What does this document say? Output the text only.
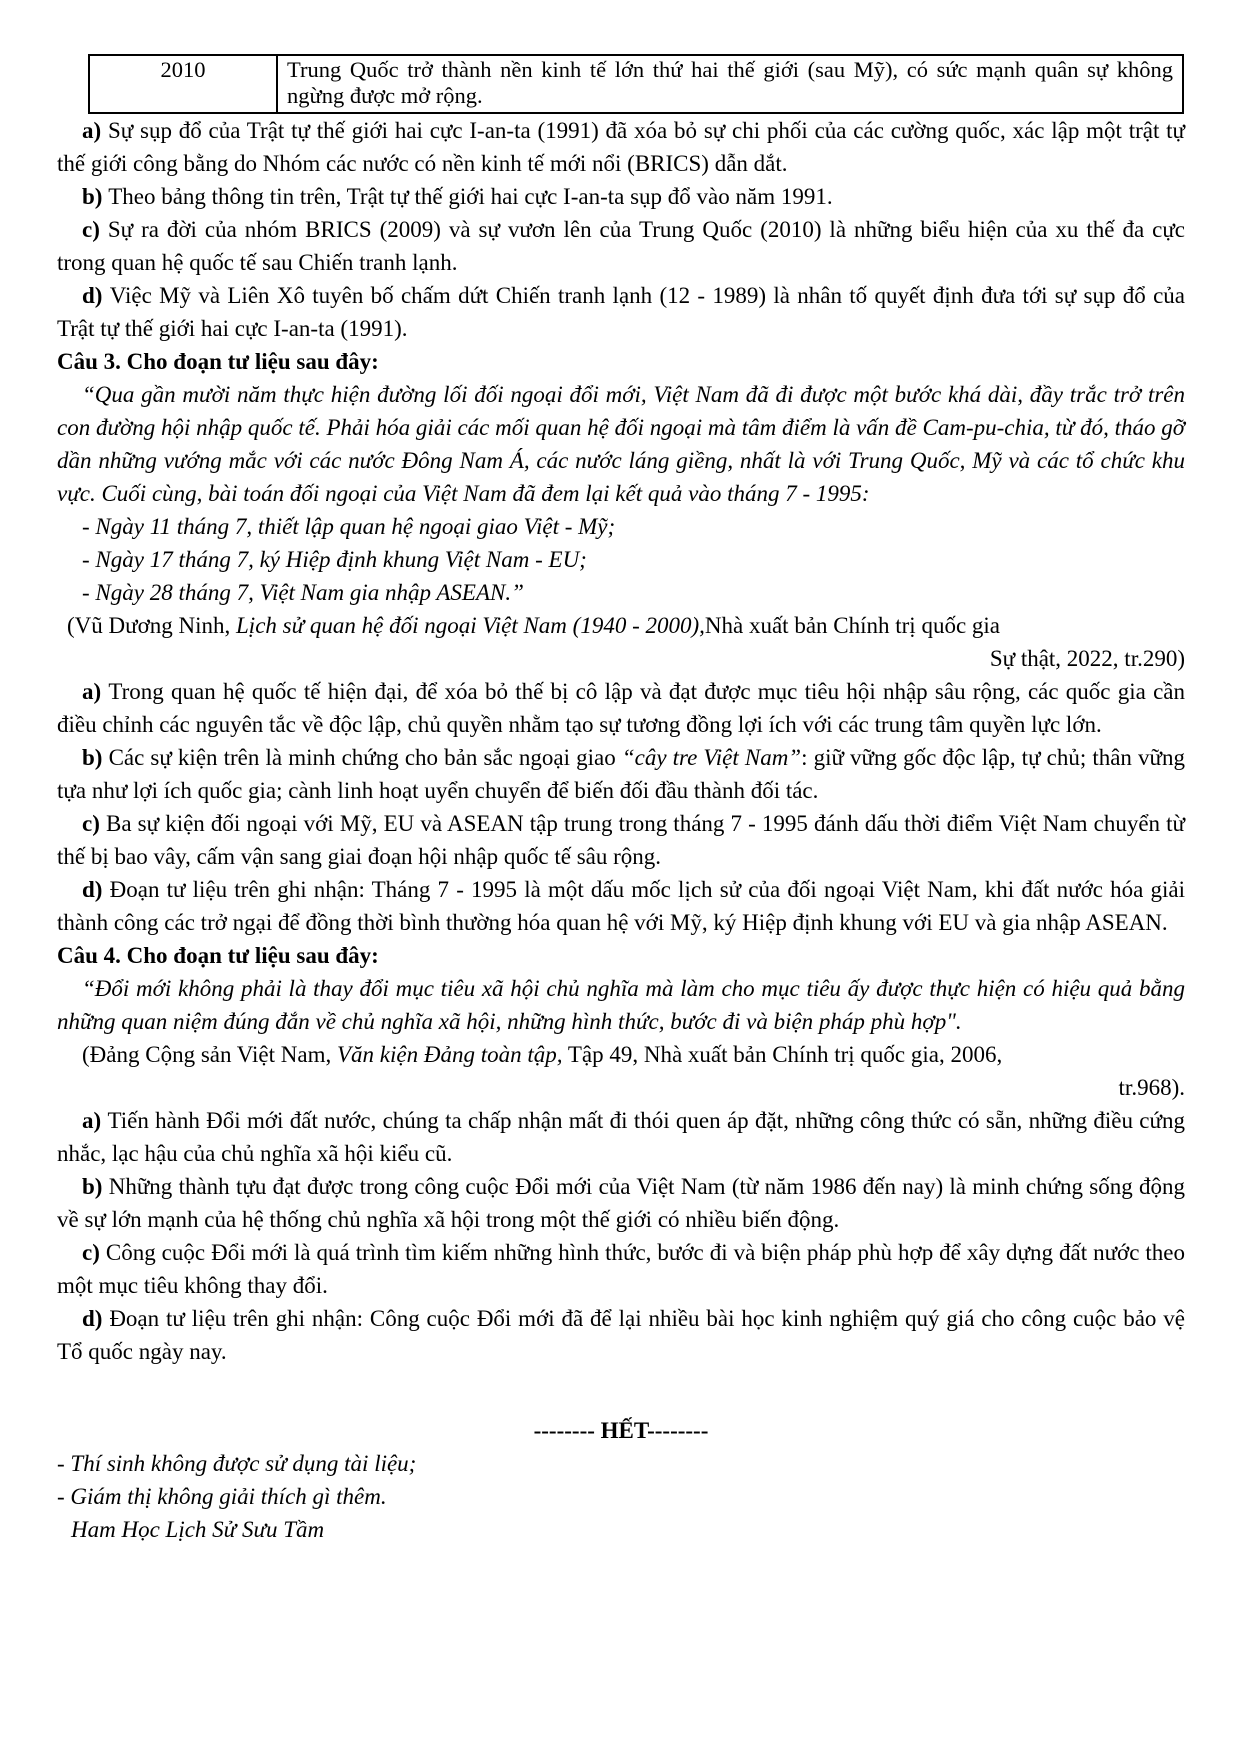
2010	Trung Quốc trở thành nền kinh tế lớn thứ hai thế giới (sau Mỹ), có sức mạnh quân sự không ngừng được mở rộng.

a) Sự sụp đổ của Trật tự thế giới hai cực I-an-ta (1991) đã xóa bỏ sự chi phối của các cường quốc, xác lập một trật tự thế giới công bằng do Nhóm các nước có nền kinh tế mới nổi (BRICS) dẫn dắt.

b) Theo bảng thông tin trên, Trật tự thế giới hai cực I-an-ta sụp đổ vào năm 1991.

c) Sự ra đời của nhóm BRICS (2009) và sự vươn lên của Trung Quốc (2010) là những biểu hiện của xu thế đa cực trong quan hệ quốc tế sau Chiến tranh lạnh.

d) Việc Mỹ và Liên Xô tuyên bố chấm dứt Chiến tranh lạnh (12 - 1989) là nhân tố quyết định đưa tới sự sụp đổ của Trật tự thế giới hai cực I-an-ta (1991).

Câu 3. Cho đoạn tư liệu sau đây:

“Qua gần mười năm thực hiện đường lối đối ngoại đổi mới, Việt Nam đã đi được một bước khá dài, đầy trắc trở trên con đường hội nhập quốc tế. Phải hóa giải các mối quan hệ đối ngoại mà tâm điểm là vấn đề Cam-pu-chia, từ đó, tháo gỡ dần những vướng mắc với các nước Đông Nam Á, các nước láng giềng, nhất là với Trung Quốc, Mỹ và các tổ chức khu vực. Cuối cùng, bài toán đối ngoại của Việt Nam đã đem lại kết quả vào tháng 7 - 1995:

- Ngày 11 tháng 7, thiết lập quan hệ ngoại giao Việt - Mỹ;

- Ngày 17 tháng 7, ký Hiệp định khung Việt Nam - EU;

- Ngày 28 tháng 7, Việt Nam gia nhập ASEAN.”

(Vũ Dương Ninh, Lịch sử quan hệ đối ngoại Việt Nam (1940 - 2000),Nhà xuất bản Chính trị quốc gia

Sự thật, 2022, tr.290)

a) Trong quan hệ quốc tế hiện đại, để xóa bỏ thế bị cô lập và đạt được mục tiêu hội nhập sâu rộng, các quốc gia cần điều chỉnh các nguyên tắc về độc lập, chủ quyền nhằm tạo sự tương đồng lợi ích với các trung tâm quyền lực lớn.

b) Các sự kiện trên là minh chứng cho bản sắc ngoại giao “cây tre Việt Nam”: giữ vững gốc độc lập, tự chủ; thân vững tựa như lợi ích quốc gia; cành linh hoạt uyển chuyển để biến đối đầu thành đối tác.

c) Ba sự kiện đối ngoại với Mỹ, EU và ASEAN tập trung trong tháng 7 - 1995 đánh dấu thời điểm Việt Nam chuyển từ thế bị bao vây, cấm vận sang giai đoạn hội nhập quốc tế sâu rộng.

d) Đoạn tư liệu trên ghi nhận: Tháng 7 - 1995 là một dấu mốc lịch sử của đối ngoại Việt Nam, khi đất nước hóa giải thành công các trở ngại để đồng thời bình thường hóa quan hệ với Mỹ, ký Hiệp định khung với EU và gia nhập ASEAN.

Câu 4. Cho đoạn tư liệu sau đây:

“Đổi mới không phải là thay đổi mục tiêu xã hội chủ nghĩa mà làm cho mục tiêu ấy được thực hiện có hiệu quả bằng những quan niệm đúng đắn về chủ nghĩa xã hội, những hình thức, bước đi và biện pháp phù hợp".

(Đảng Cộng sản Việt Nam, Văn kiện Đảng toàn tập, Tập 49, Nhà xuất bản Chính trị quốc gia, 2006,

tr.968).

a) Tiến hành Đổi mới đất nước, chúng ta chấp nhận mất đi thói quen áp đặt, những công thức có sẵn, những điều cứng nhắc, lạc hậu của chủ nghĩa xã hội kiểu cũ.

b) Những thành tựu đạt được trong công cuộc Đổi mới của Việt Nam (từ năm 1986 đến nay) là minh chứng sống động về sự lớn mạnh của hệ thống chủ nghĩa xã hội trong một thế giới có nhiều biến động.

c) Công cuộc Đổi mới là quá trình tìm kiếm những hình thức, bước đi và biện pháp phù hợp để xây dựng đất nước theo một mục tiêu không thay đổi.

d) Đoạn tư liệu trên ghi nhận: Công cuộc Đổi mới đã để lại nhiều bài học kinh nghiệm quý giá cho công cuộc bảo vệ Tổ quốc ngày nay.

-------- HẾT--------

- Thí sinh không được sử dụng tài liệu;

- Giám thị không giải thích gì thêm.

Ham Học Lịch Sử Sưu Tầm
